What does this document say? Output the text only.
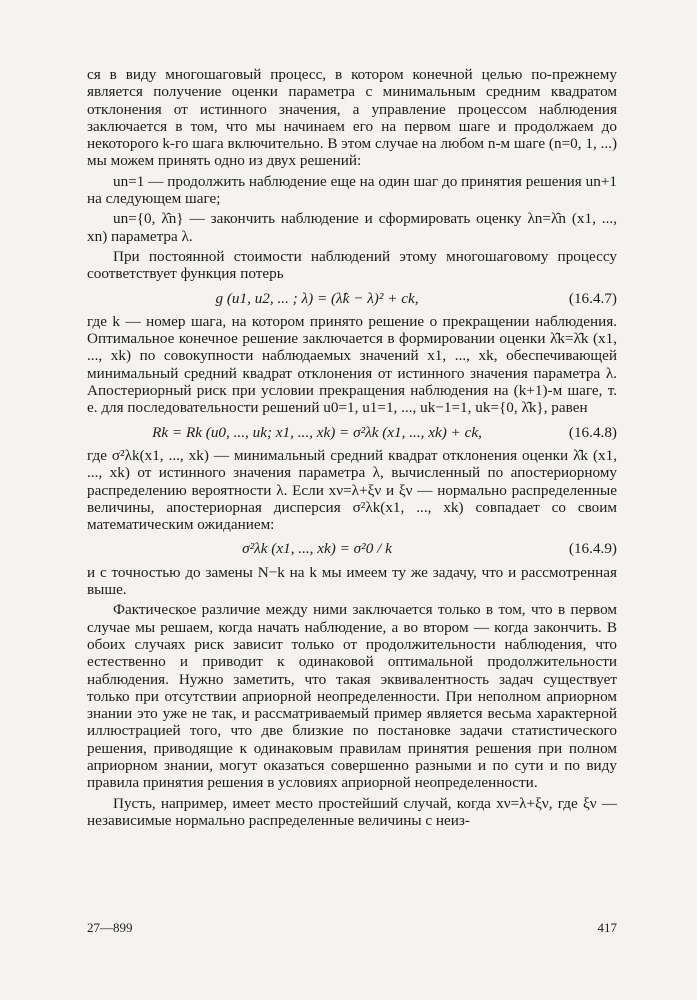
ся в виду многошаговый процесс, в котором конечной целью по-прежнему является получение оценки параметра с минимальным средним квадратом отклонения от истинного значения, а управление процессом наблюдения заключается в том, что мы начинаем его на первом шаге и продолжаем до некоторого k-го шага включительно. В этом случае на любом n-м шаге (n=0, 1, ...) мы можем принять одно из двух решений:

un=1 — продолжить наблюдение еще на один шаг до принятия решения un+1 на следующем шаге;

un={0, λ̂n} — закончить наблюдение и сформировать оценку λn=λ̂n (x1, ..., xn) параметра λ.

При постоянной стоимости наблюдений этому многошаговому процессу соответствует функция потерь

g (u1, u2, ... ; λ) = (λ̂k − λ)² + ck,	(16.4.7)

где k — номер шага, на котором принято решение о прекращении наблюдения. Оптимальное конечное решение заключается в формировании оценки λ̂k=λ̂k (x1, ..., xk) по совокупности наблюдаемых значений x1, ..., xk, обеспечивающей минимальный средний квадрат отклонения от истинного значения параметра λ. Апостериорный риск при условии прекращения наблюдения на (k+1)-м шаге, т. е. для последовательности решений u0=1, u1=1, ..., uk−1=1, uk={0, λ̂k}, равен

Rk = Rk (u0, ..., uk; x1, ..., xk) = σ²λk (x1, ..., xk) + ck,	(16.4.8)

где σ²λk(x1, ..., xk) — минимальный средний квадрат отклонения оценки λ̂k (x1, ..., xk) от истинного значения параметра λ, вычисленный по апостериорному распределению вероятности λ. Если xν=λ+ξν и ξν — нормально распределенные величины, апостериорная дисперсия σ²λk(x1, ..., xk) совпадает со своим математическим ожиданием:

σ²λk (x1, ..., xk) = σ²0 / k	(16.4.9)

и с точностью до замены N−k на k мы имеем ту же задачу, что и рассмотренная выше.

Фактическое различие между ними заключается только в том, что в первом случае мы решаем, когда начать наблюдение, а во втором — когда закончить. В обоих случаях риск зависит только от продолжительности наблюдения, что естественно и приводит к одинаковой оптимальной продолжительности наблюдения. Нужно заметить, что такая эквивалентность задач существует только при отсутствии априорной неопределенности. При неполном априорном знании это уже не так, и рассматриваемый пример является весьма характерной иллюстрацией того, что две близкие по постановке задачи статистического решения, приводящие к одинаковым правилам принятия решения при полном априорном знании, могут оказаться совершенно разными и по сути и по виду правила принятия решения в условиях априорной неопределенности.

Пусть, например, имеет место простейший случай, когда xν=λ+ξν, где ξν — независимые нормально распределенные величины с неиз-

27—899	417
